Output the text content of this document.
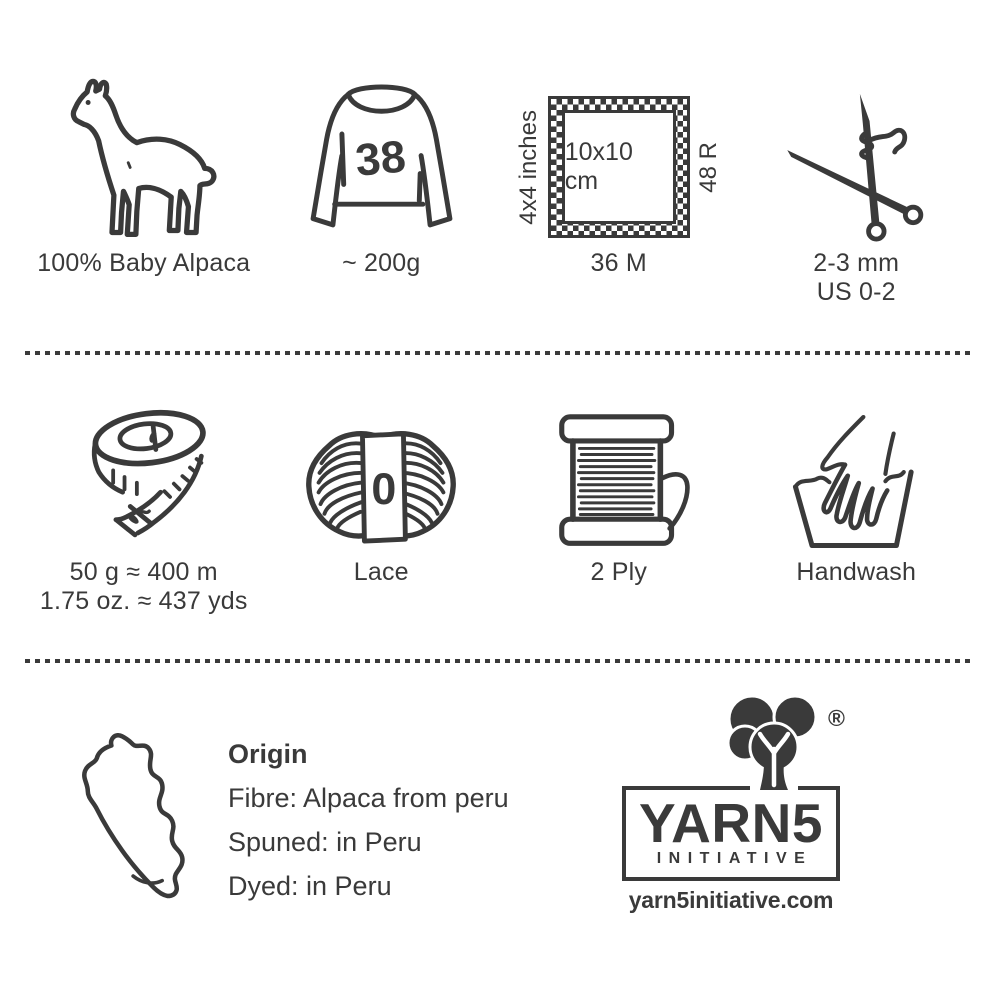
100% Baby Alpaca
38
~ 200g
4x4 inches 10x10 cm	48 R
36 M	2-3 mm
US 0-2
50 g ≈ 400 m
1.75 oz. ≈ 437 yds
0
Lace	2 Ply	Handwash
Origin
Fibre: Alpaca from peru
Spuned: in Peru
Dyed: in Peru
YARN5
INITIATIVE
yarn5initiative.com
®
